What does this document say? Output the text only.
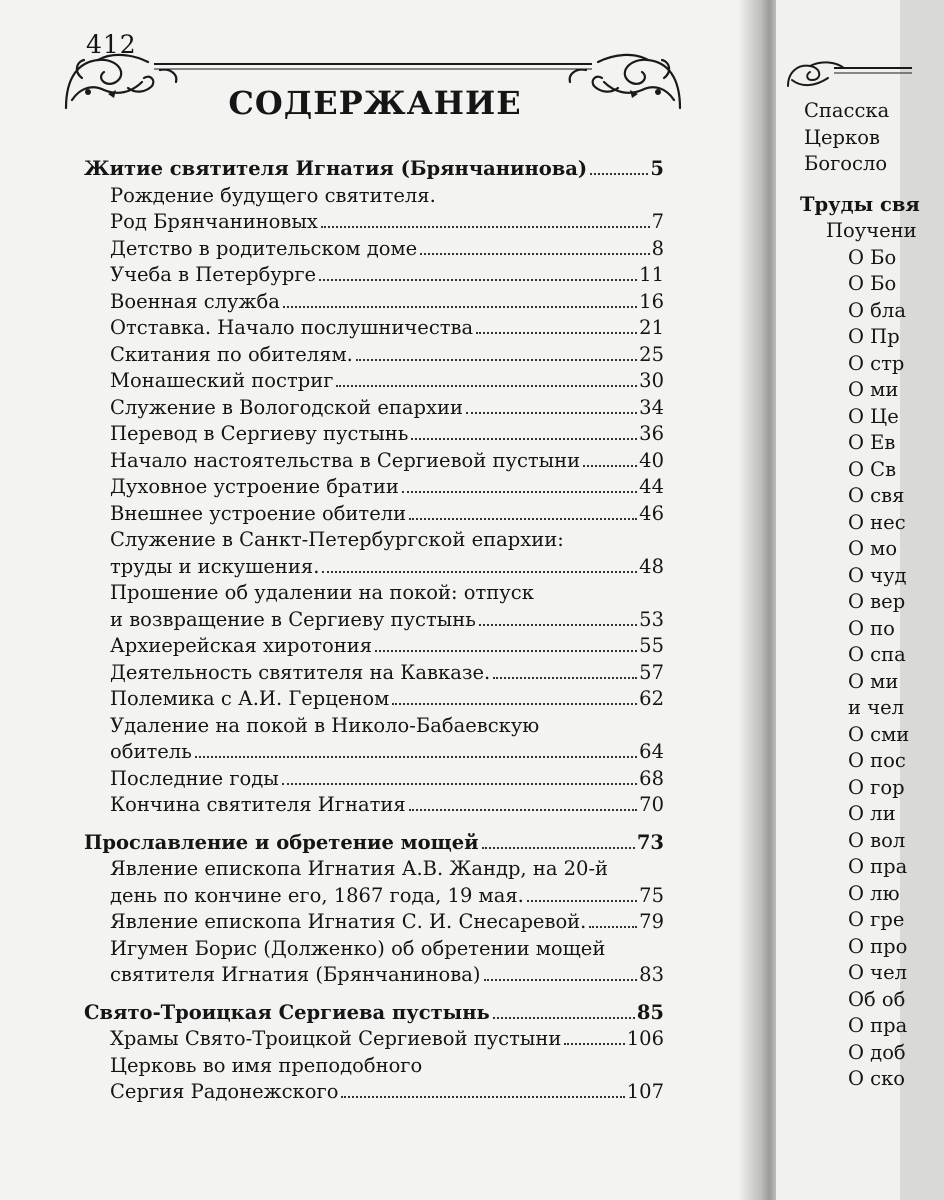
412
СОДЕРЖАНИЕ
Житие святителя Игнатия (Брянчанинова)	5
Рождение будущего святителя.
Род Брянчаниновых	7
Детство в родительском доме	8
Учеба в Петербурге	11
Военная служба	16
Отставка. Начало послушничества	21
Скитания по обителям.	25
Монашеский постриг	30
Служение в Вологодской епархии	34
Перевод в Сергиеву пустынь	36
Начало настоятельства в Сергиевой пустыни	40
Духовное устроение братии	44
Внешнее устроение обители	46
Служение в Санкт-Петербургской епархии:
труды и искушения.	48
Прошение об удалении на покой: отпуск
и возвращение в Сергиеву пустынь	53
Архиерейская хиротония	55
Деятельность святителя на Кавказе.	57
Полемика с А.И. Герценом	62
Удаление на покой в Николо-Бабаевскую
обитель	64
Последние годы	68
Кончина святителя Игнатия	70
Прославление и обретение мощей	73
Явление епископа Игнатия А.В. Жандр, на 20-й
день по кончине его, 1867 года, 19 мая.	75
Явление епископа Игнатия С. И. Снесаревой.	79
Игумен Борис (Долженко) об обретении мощей
святителя Игнатия (Брянчанинова)	83
Свято-Троицкая Сергиева пустынь	85
Храмы Свято-Троицкой Сергиевой пустыни	106
Церковь во имя преподобного
Сергия Радонежского	107
Спасска
Церков
Богосло
Труды свя
Поучени
О Бо
О Бо
О бла
О Пр
О стр
О ми
О Це
О Ев
О Св
О свя
О нес
О мо
О чуд
О вер
О по
О спа
О ми
и чел
О сми
О пос
О гор
О ли
О вол
О пра
О лю
О гре
О про
О чел
Об об
О пра
О доб
О ско
